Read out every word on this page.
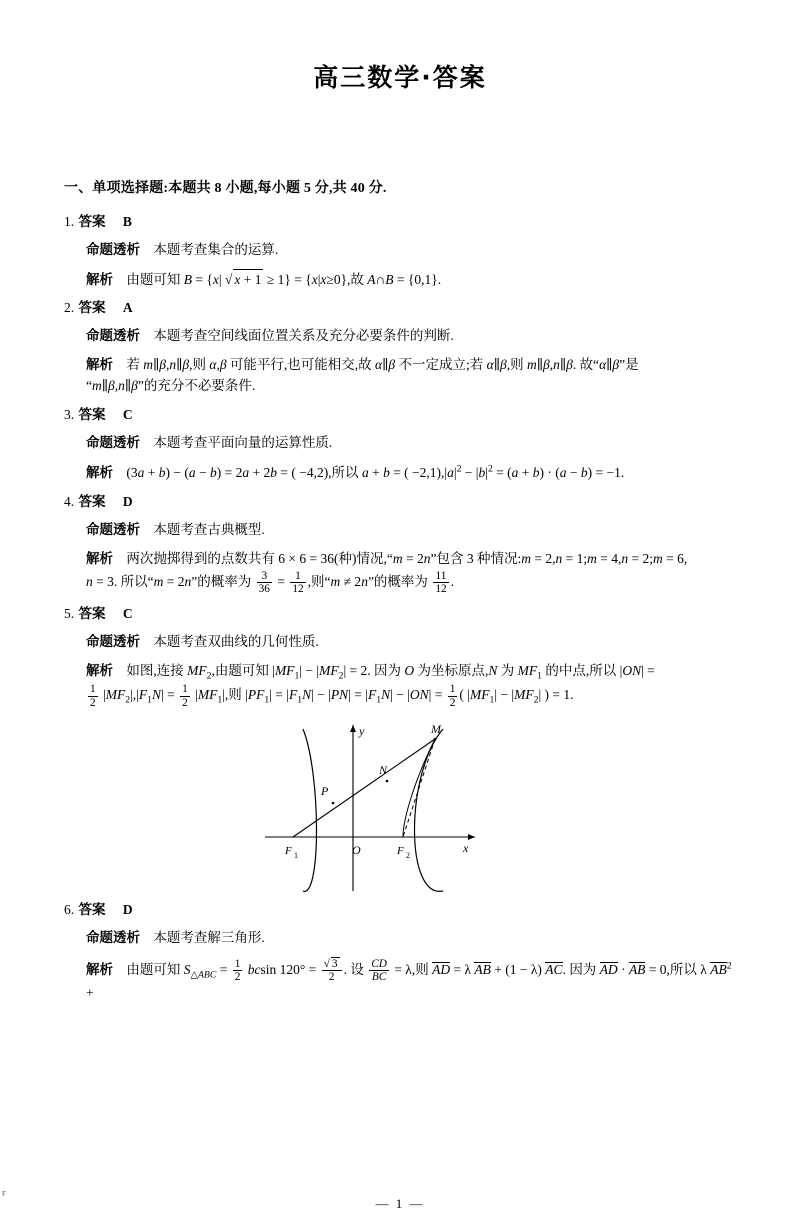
高三数学·答案
一、单项选择题:本题共 8 小题,每小题 5 分,共 40 分.
1. 答案 B
命题透析 本题考查集合的运算.
解析 由题可知 B = {x| √ x + 1 ≥ 1} = {x|x≥0},故 A∩B = {0,1}.
2. 答案 A
命题透析 本题考查空间线面位置关系及充分必要条件的判断.
解析 若 m∥β,n∥β,则 α,β 可能平行,也可能相交,故 α∥β 不一定成立;若 α∥β,则 m∥β,n∥β. 故“α∥β”是
“m∥β,n∥β”的充分不必要条件.
3. 答案 C
命题透析 本题考查平面向量的运算性质.
解析 (3a + b) − (a − b) = 2a + 2b = ( −4,2),所以 a + b = ( $-2,1),|a|^2 - |b|^2 = (a + b) \cdot (a - b) = -1$.
4. 答案 D
命题透析 本题考查古典概型.
解析 两次抛掷得到的点数共有 6 × 6 = 36(种)情况,“m = 2n”包含 3 种情况:m = 2,n = 1;m = 4,n = 2;m = 6,
n = 3. 所以“m = 2n”的概率为 $\frac{3}{36} = \frac{1}{12}$ ,则“m ≠ 2n”的概率为 $\frac{11}{12}$ .
5. 答案 C
命题透析 本题考查双曲线的几何性质.
解析 如图,连接 $MF_2$,由题可知 $|MF_1| - |MF_2| = 2$. 因为 O 为坐标原点,N 为 $MF_1$ 的中点,所以 |ON| =

$\frac{1}{2} |MF_2|,|F_1N| = \frac{1}{2} |MF_1|$,则 $|PF_1| = |F_1N| - |PN| = |F_1N| - |ON| = \frac{1}{2}$ ( $|MF_1| - |MF_2|$ ) = 1.
y
x
O
F 1	F 2
P
N
M
6. 答案 D
命题透析 本题考查解三角形.
解析 由题可知 $S_{\triangle ABC} = \frac{1}{2}$ bcsin $120^\circ = \frac{√ 3}{2}$ . 设 $\frac{CD}{BC} = \lambda$,则 AD = λ AB + (1 − λ) AC. 因为 AD · AB = 0,所以 λ $AB^2$ +
F
— 1 —
